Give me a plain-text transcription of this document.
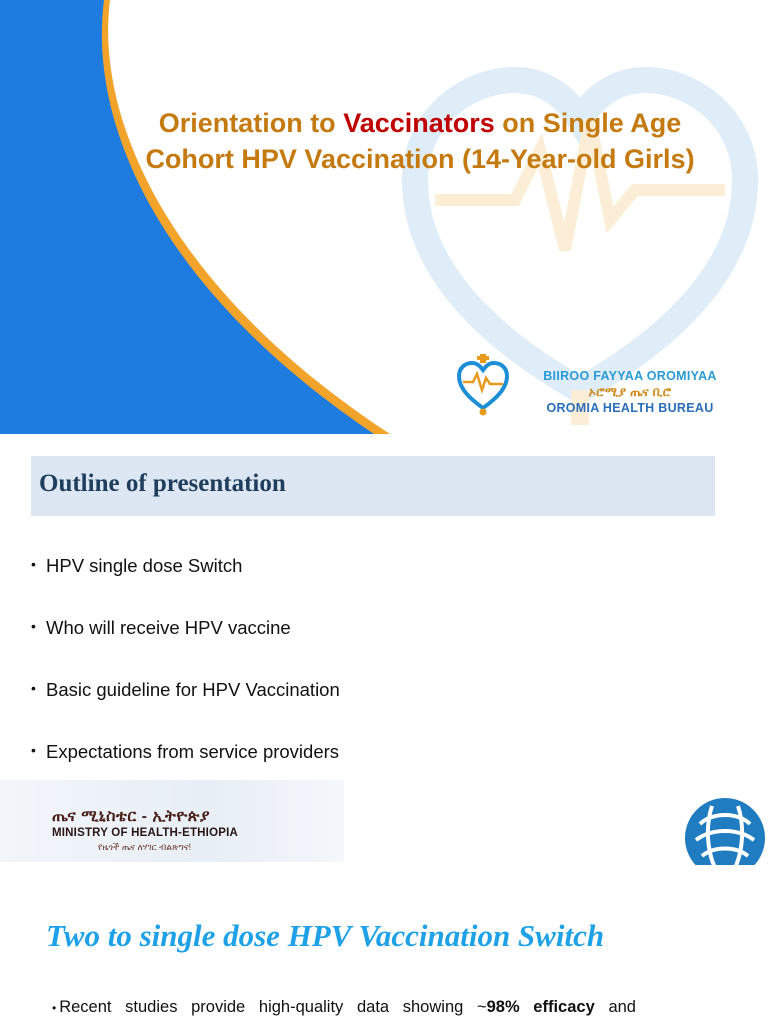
Orientation to Vaccinators on Single Age
Cohort HPV Vaccination (14-Year-old Girls)
BIIROO FAYYAA OROMIYAA
ኦሮሚያ ጤና ቢሮ
OROMIA HEALTH BUREAU
Outline of presentation
• HPV single dose Switch
• Who will receive HPV vaccine
• Basic guideline for HPV Vaccination
• Expectations from service providers
ጤና ሚኒስቴር - ኢትዮጵያ
MINISTRY OF HEALTH-ETHIOPIA
የዜጎች ጤና ለሃገር ብልጽግና!
Two to single dose HPV Vaccination Switch
• Recent studies provide high-quality data showing ~98% efficacy and
